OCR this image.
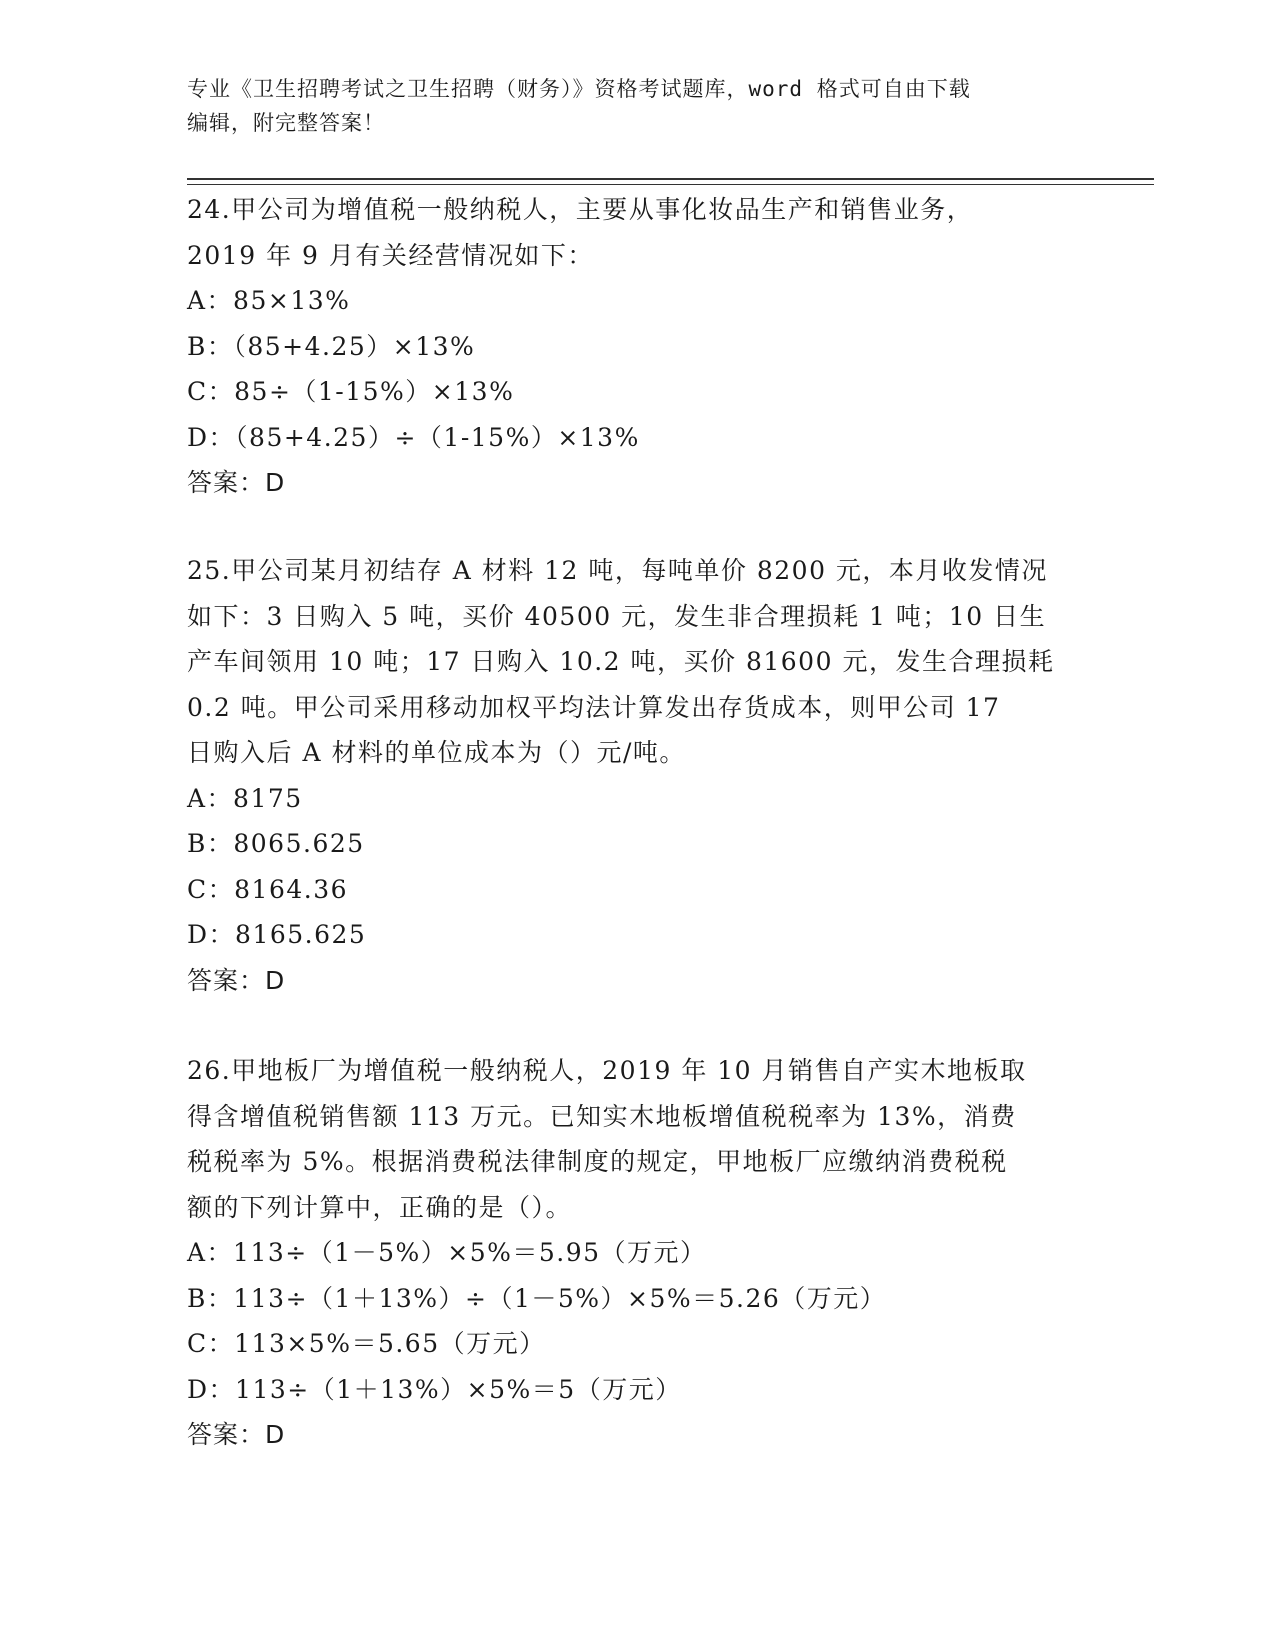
专业《卫生招聘考试之卫生招聘（财务）》资格考试题库，word 格式可自由下载
编辑，附完整答案！
24.甲公司为增值税一般纳税人，主要从事化妆品生产和销售业务，
2019 年 9 月有关经营情况如下：
A：85×13%
B：（85+4.25）×13%
C：85÷（1-15%）×13%
D：（85+4.25）÷（1-15%）×13%
答案：D
25.甲公司某月初结存 A 材料 12 吨，每吨单价 8200 元，本月收发情况
如下：3 日购入 5 吨，买价 40500 元，发生非合理损耗 1 吨；10 日生
产车间领用 10 吨；17 日购入 10.2 吨，买价 81600 元，发生合理损耗
0.2 吨。甲公司采用移动加权平均法计算发出存货成本，则甲公司 17
日购入后 A 材料的单位成本为（）元/吨。
A：8175
B：8065.625
C：8164.36
D：8165.625
答案：D
26.甲地板厂为增值税一般纳税人，2019 年 10 月销售自产实木地板取
得含增值税销售额 113 万元。已知实木地板增值税税率为 13%，消费
税税率为 5%。根据消费税法律制度的规定，甲地板厂应缴纳消费税税
额的下列计算中，正确的是（）。
A：113÷（1－5%）×5%＝5.95（万元）
B：113÷（1＋13%）÷（1－5%）×5%＝5.26（万元）
C：113×5%＝5.65（万元）
D：113÷（1＋13%）×5%＝5（万元）
答案：D
